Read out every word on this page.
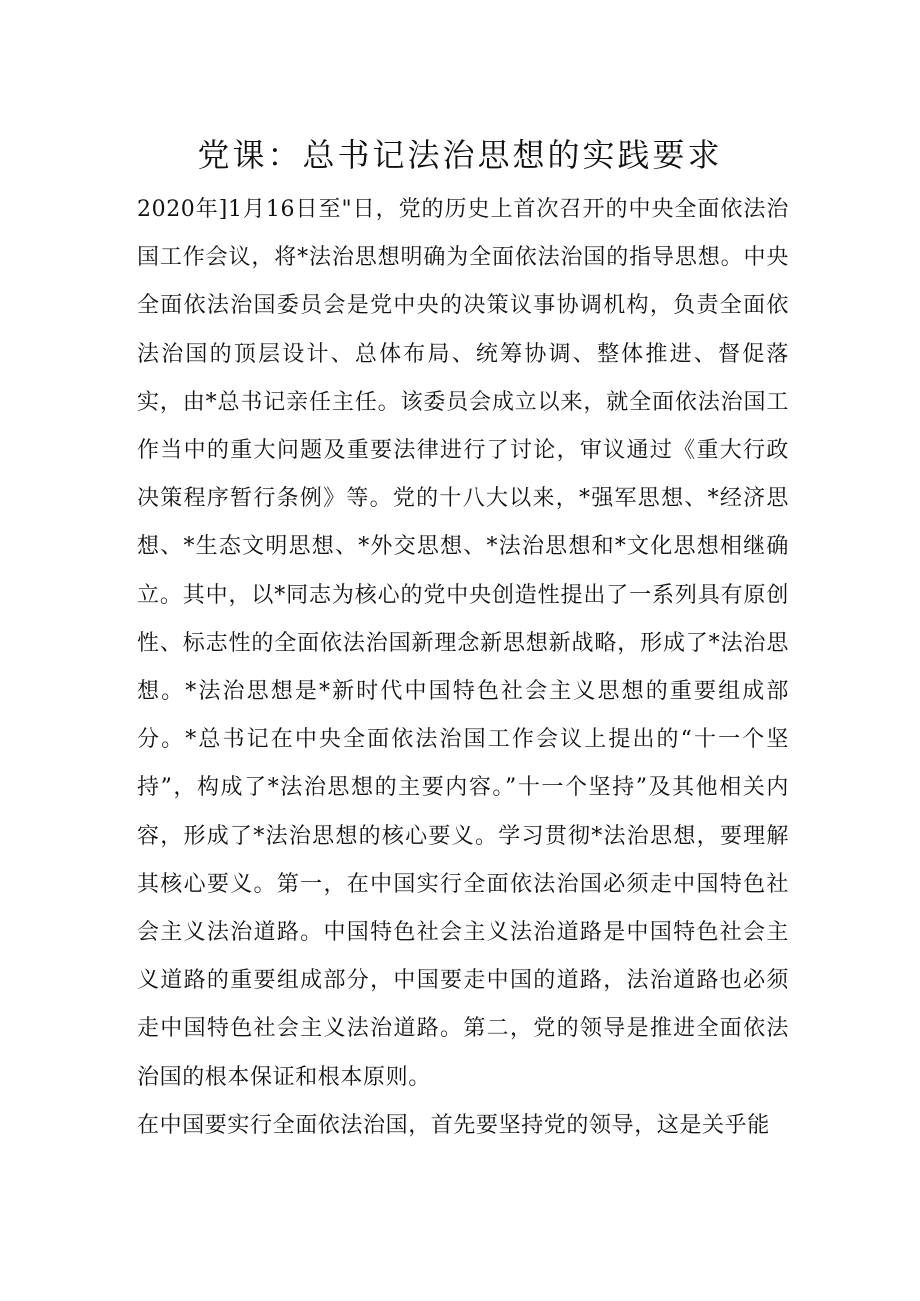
党课：总书记法治思想的实践要求

2020年]1月16日至"日，党的历史上首次召开的中央全面依法治国工作会议，将*法治思想明确为全面依法治国的指导思想。中央全面依法治国委员会是党中央的决策议事协调机构，负责全面依法治国的顶层设计、总体布局、统筹协调、整体推进、督促落实，由*总书记亲任主任。该委员会成立以来，就全面依法治国工作当中的重大问题及重要法律进行了讨论，审议通过《重大行政决策程序暂行条例》等。党的十八大以来，*强军思想、*经济思想、*生态文明思想、*外交思想、*法治思想和*文化思想相继确立。其中，以*同志为核心的党中央创造性提出了一系列具有原创性、标志性的全面依法治国新理念新思想新战略，形成了*法治思想。*法治思想是*新时代中国特色社会主义思想的重要组成部分。*总书记在中央全面依法治国工作会议上提出的“十一个坚持”，构成了*法治思想的主要内容。”十一个坚持”及其他相关内容，形成了*法治思想的核心要义。学习贯彻*法治思想，要理解其核心要义。第一，在中国实行全面依法治国必须走中国特色社会主义法治道路。中国特色社会主义法治道路是中国特色社会主义道路的重要组成部分，中国要走中国的道路，法治道路也必须走中国特色社会主义法治道路。第二，党的领导是推进全面依法治国的根本保证和根本原则。

在中国要实行全面依法治国，首先要坚持党的领导，这是关乎能
